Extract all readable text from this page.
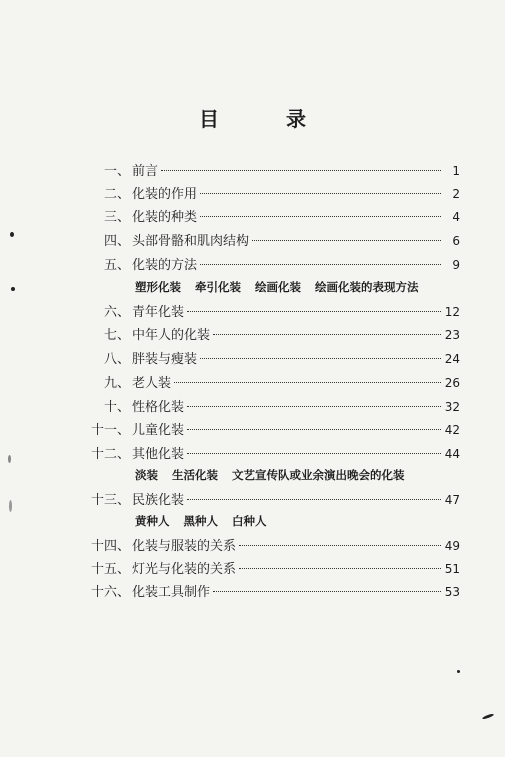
目 录
一、 前言	1
二、 化装的作用	2
三、 化装的种类	4
四、 头部骨骼和肌肉结构	6
五、 化装的方法	9
塑形化装 牵引化装 绘画化装 绘画化装的表现方法
六、 青年化装	12
七、 中年人的化装	23
八、 胖装与瘦装	24
九、 老人装	26
十、 性格化装	32
十一、 儿童化装	42
十二、 其他化装	44
淡装 生活化装 文艺宣传队或业余演出晚会的化装
十三、 民族化装	47
黄种人 黑种人 白种人
十四、 化装与服装的关系	49
十五、 灯光与化装的关系	51
十六、 化装工具制作	53
